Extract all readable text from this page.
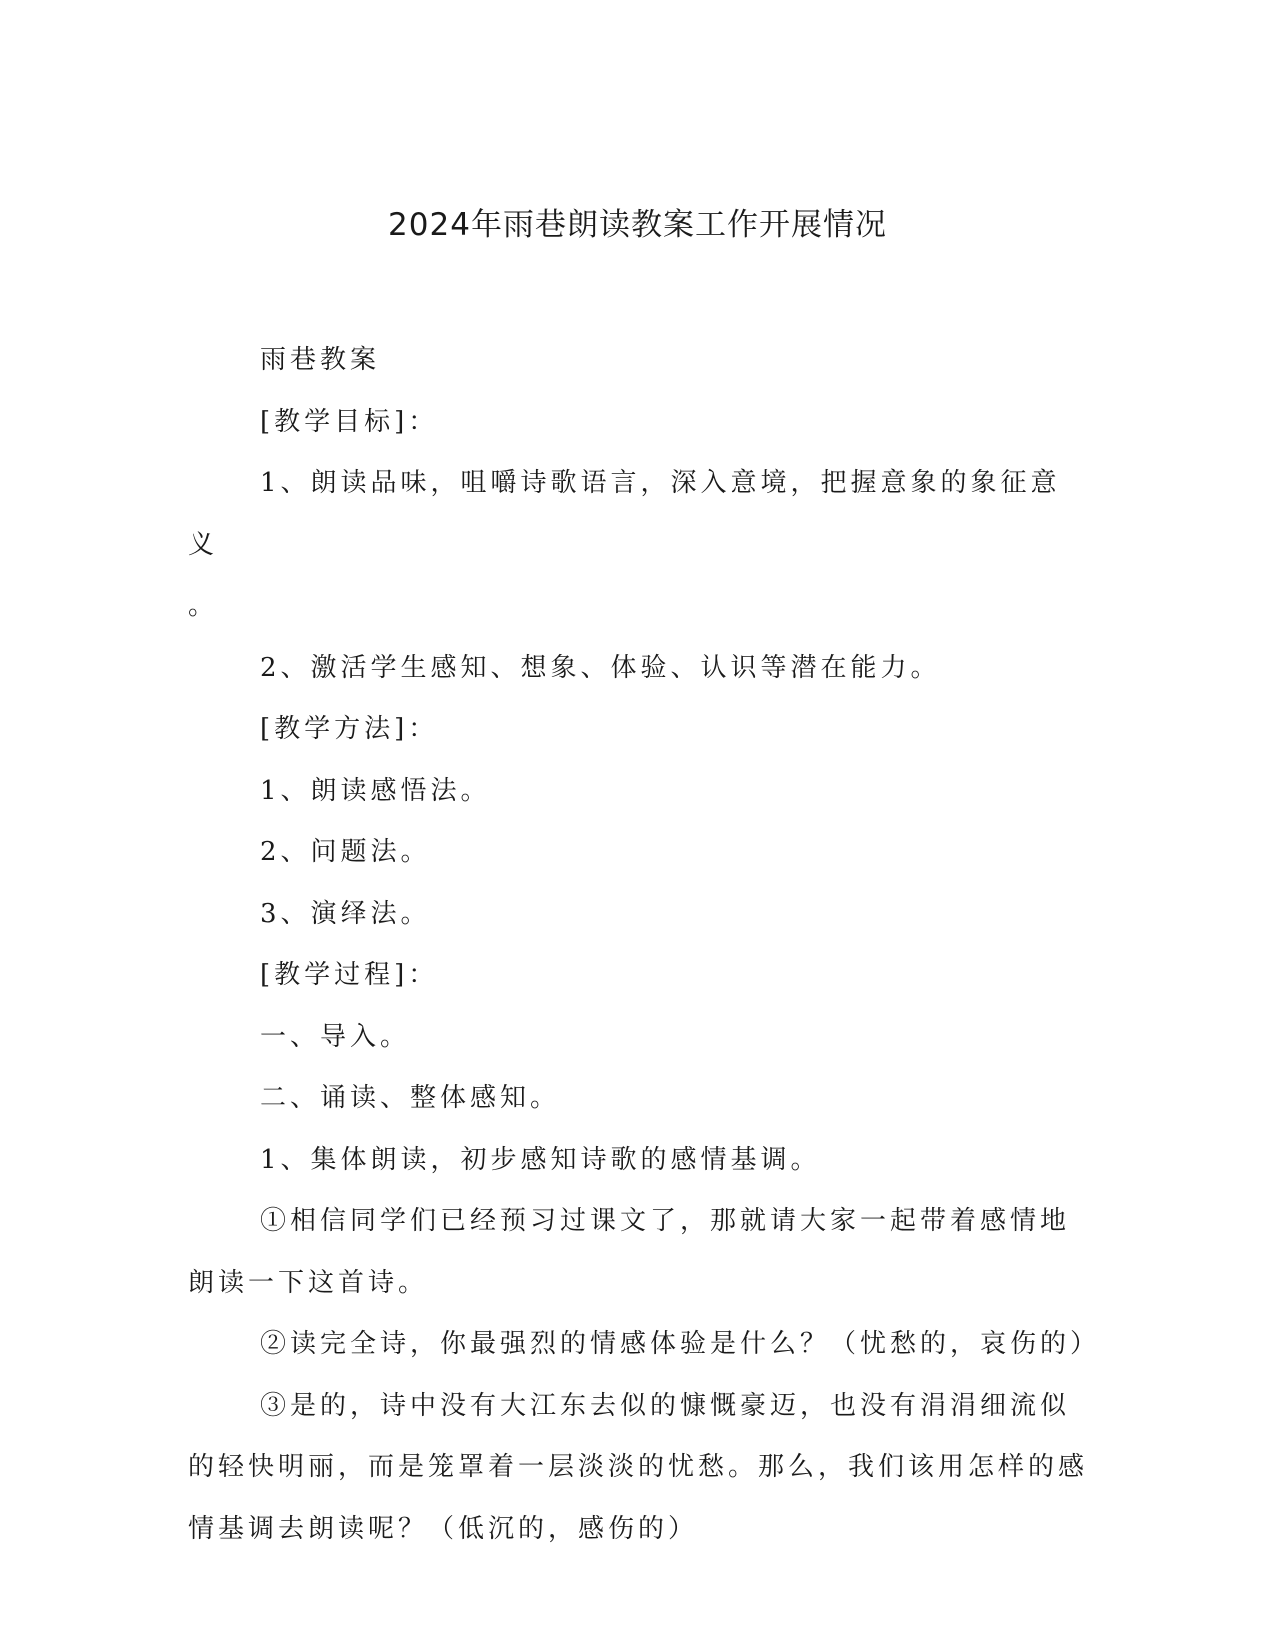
2024年雨巷朗读教案工作开展情况

雨巷教案

[教学目标]：

1、朗读品味，咀嚼诗歌语言，深入意境，把握意象的象征意义

。

2、激活学生感知、想象、体验、认识等潜在能力。

[教学方法]：

1、朗读感悟法。

2、问题法。

3、演绎法。

[教学过程]：

一、导入。

二、诵读、整体感知。

1、集体朗读，初步感知诗歌的感情基调。

①相信同学们已经预习过课文了，那就请大家一起带着感情地朗读一下这首诗。

②读完全诗，你最强烈的情感体验是什么？（忧愁的，哀伤的）

③是的，诗中没有大江东去似的慷慨豪迈，也没有涓涓细流似的轻快明丽，而是笼罩着一层淡淡的忧愁。那么，我们该用怎样的感情基调去朗读呢？（低沉的，感伤的）
